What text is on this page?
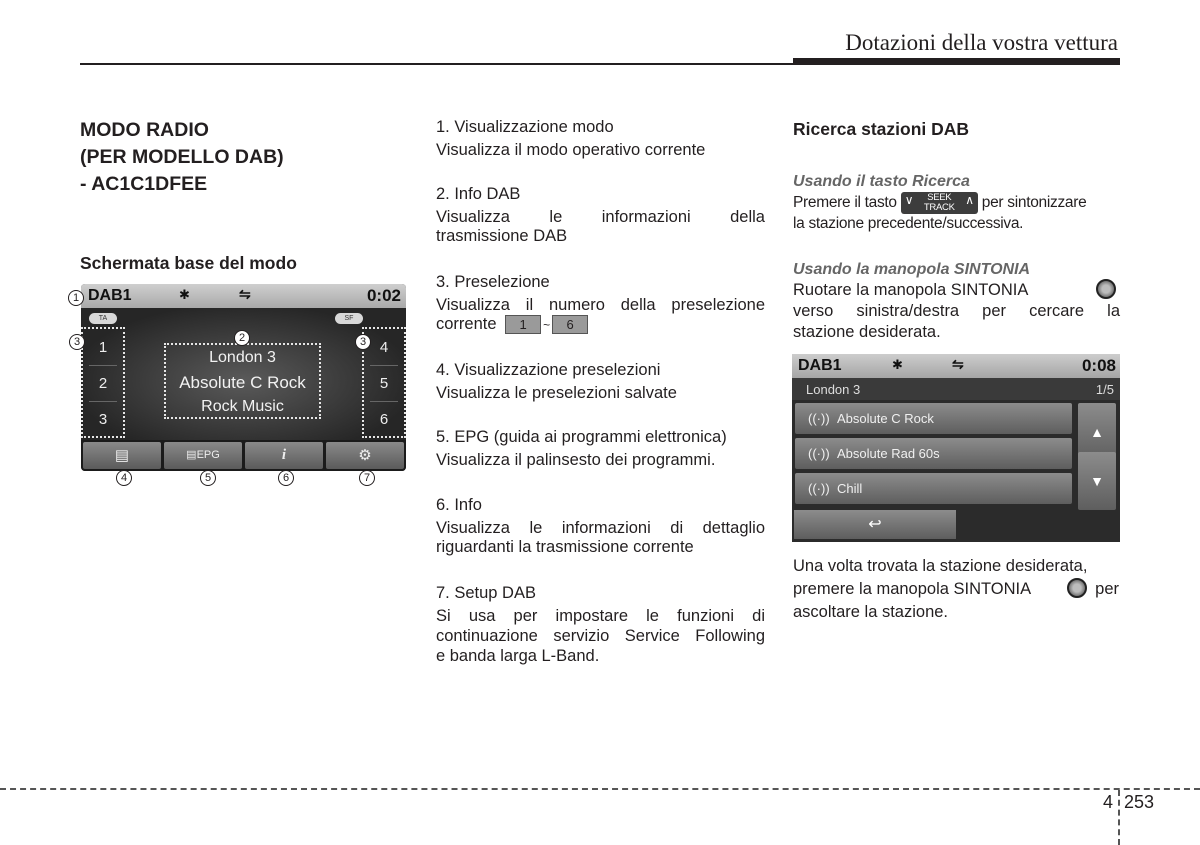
Dotazioni della vostra vettura
MODO RADIO
(PER MODELLO DAB)
- AC1C1DFEE
Schermata base del modo
DAB1	✱	⇋	0:02
TA	SF
1
2
3
4
5
6
London 3
Absolute C Rock
Rock Music
▤	▤EPG	i	⚙
1
2
3	3
4	5	6	7
1. Visualizzazione modo
Visualizza il modo operativo corrente
2. Info DAB
Visualizza le informazioni della
trasmissione DAB
3. Preselezione
Visualizza il numero della preselezione
corrente 1 ~ 6
4. Visualizzazione preselezioni
Visualizza le preselezioni salvate
5. EPG (guida ai programmi elettronica)
Visualizza il palinsesto dei programmi.
6. Info
Visualizza le informazioni di dettaglio
riguardanti la trasmissione corrente
7. Setup DAB
Si usa per impostare le funzioni di
continuazione servizio Service Following
e banda larga L-Band.
Ricerca stazioni DAB
Usando il tasto Ricerca
Premere il tasto ∨	SEEK
TRACK
∧ per sintonizzare
la stazione precedente/successiva.
Usando la manopola SINTONIA
Ruotare la manopola SINTONIA
verso sinistra/destra per cercare la
stazione desiderata.
DAB1	✱	⇋	0:08
London 3	1/5
((·)) Absolute C Rock
((·)) Absolute Rad 60s
((·)) Chill
▲
▼
↩
Una volta trovata la stazione desiderata,
premere la manopola SINTONIA	per
ascoltare la stazione.
4 253
